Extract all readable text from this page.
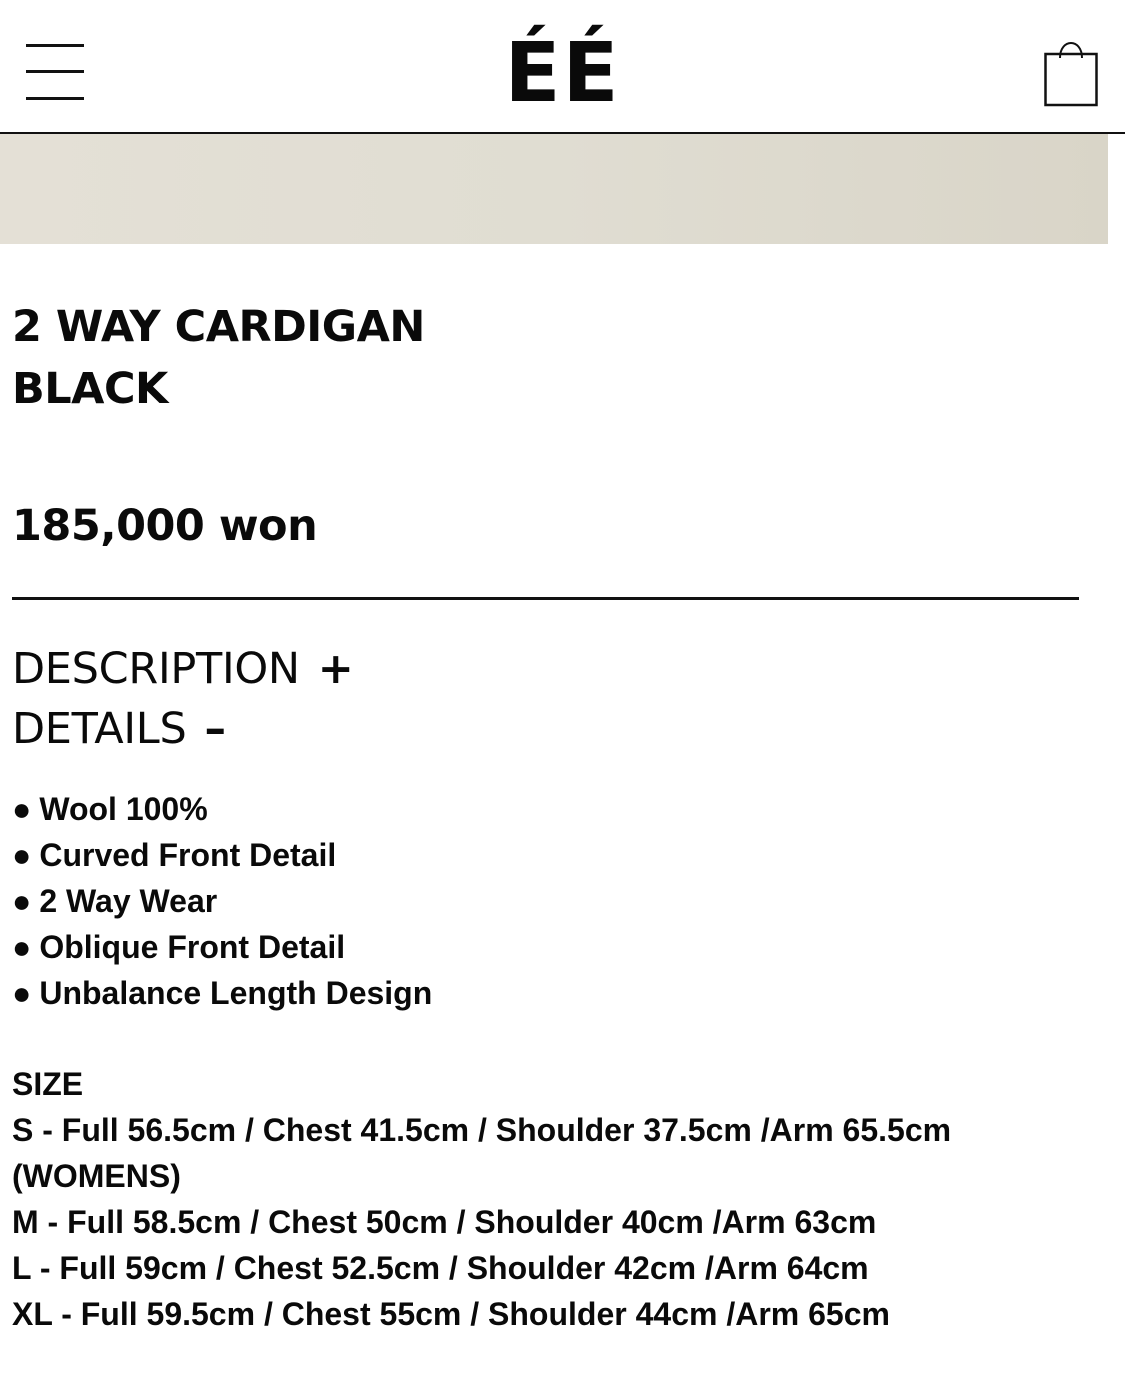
ÉÉ
2 WAY CARDIGAN
BLACK
185,000 won
DESCRIPTION +
DETAILS –
● Wool 100%
● Curved Front Detail
● 2 Way Wear
● Oblique Front Detail
● Unbalance Length Design
SIZE
S - Full 56.5cm / Chest 41.5cm / Shoulder 37.5cm /Arm 65.5cm
(WOMENS)
M - Full 58.5cm / Chest 50cm / Shoulder 40cm /Arm 63cm
L - Full 59cm / Chest 52.5cm / Shoulder 42cm /Arm 64cm
XL - Full 59.5cm / Chest 55cm / Shoulder 44cm /Arm 65cm
